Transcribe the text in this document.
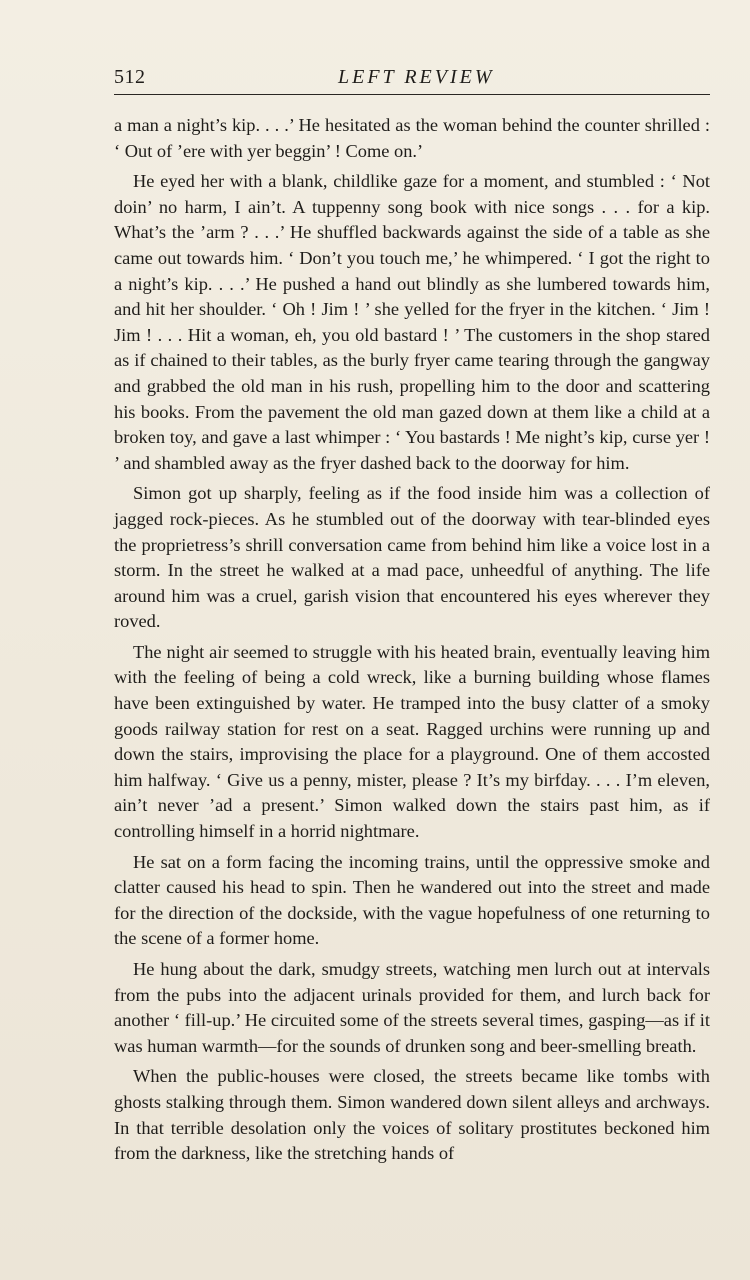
512	LEFT REVIEW

a man a night’s kip. . . .’ He hesitated as the woman behind the counter shrilled : ‘ Out of ’ere with yer beggin’ ! Come on.’

He eyed her with a blank, childlike gaze for a moment, and stumbled : ‘ Not doin’ no harm, I ain’t. A tuppenny song book with nice songs . . . for a kip. What’s the ’arm ? . . .’ He shuffled backwards against the side of a table as she came out towards him. ‘ Don’t you touch me,’ he whimpered. ‘ I got the right to a night’s kip. . . .’ He pushed a hand out blindly as she lumbered towards him, and hit her shoulder. ‘ Oh ! Jim ! ’ she yelled for the fryer in the kitchen. ‘ Jim ! Jim ! . . . Hit a woman, eh, you old bastard ! ’ The customers in the shop stared as if chained to their tables, as the burly fryer came tearing through the gangway and grabbed the old man in his rush, propelling him to the door and scattering his books. From the pavement the old man gazed down at them like a child at a broken toy, and gave a last whimper : ‘ You bastards ! Me night’s kip, curse yer ! ’ and shambled away as the fryer dashed back to the doorway for him.

Simon got up sharply, feeling as if the food inside him was a collection of jagged rock-pieces. As he stumbled out of the doorway with tear-blinded eyes the proprietress’s shrill conversation came from behind him like a voice lost in a storm. In the street he walked at a mad pace, unheedful of anything. The life around him was a cruel, garish vision that encountered his eyes wherever they roved.

The night air seemed to struggle with his heated brain, eventually leaving him with the feeling of being a cold wreck, like a burning building whose flames have been extinguished by water. He tramped into the busy clatter of a smoky goods railway station for rest on a seat. Ragged urchins were running up and down the stairs, improvising the place for a playground. One of them accosted him halfway. ‘ Give us a penny, mister, please ? It’s my birfday. . . . I’m eleven, ain’t never ’ad a present.’ Simon walked down the stairs past him, as if controlling himself in a horrid nightmare.

He sat on a form facing the incoming trains, until the oppressive smoke and clatter caused his head to spin. Then he wandered out into the street and made for the direction of the dockside, with the vague hopefulness of one returning to the scene of a former home.

He hung about the dark, smudgy streets, watching men lurch out at intervals from the pubs into the adjacent urinals provided for them, and lurch back for another ‘ fill-up.’ He circuited some of the streets several times, gasping—as if it was human warmth—for the sounds of drunken song and beer-smelling breath.

When the public-houses were closed, the streets became like tombs with ghosts stalking through them. Simon wandered down silent alleys and archways. In that terrible desolation only the voices of solitary prostitutes beckoned him from the darkness, like the stretching hands of
